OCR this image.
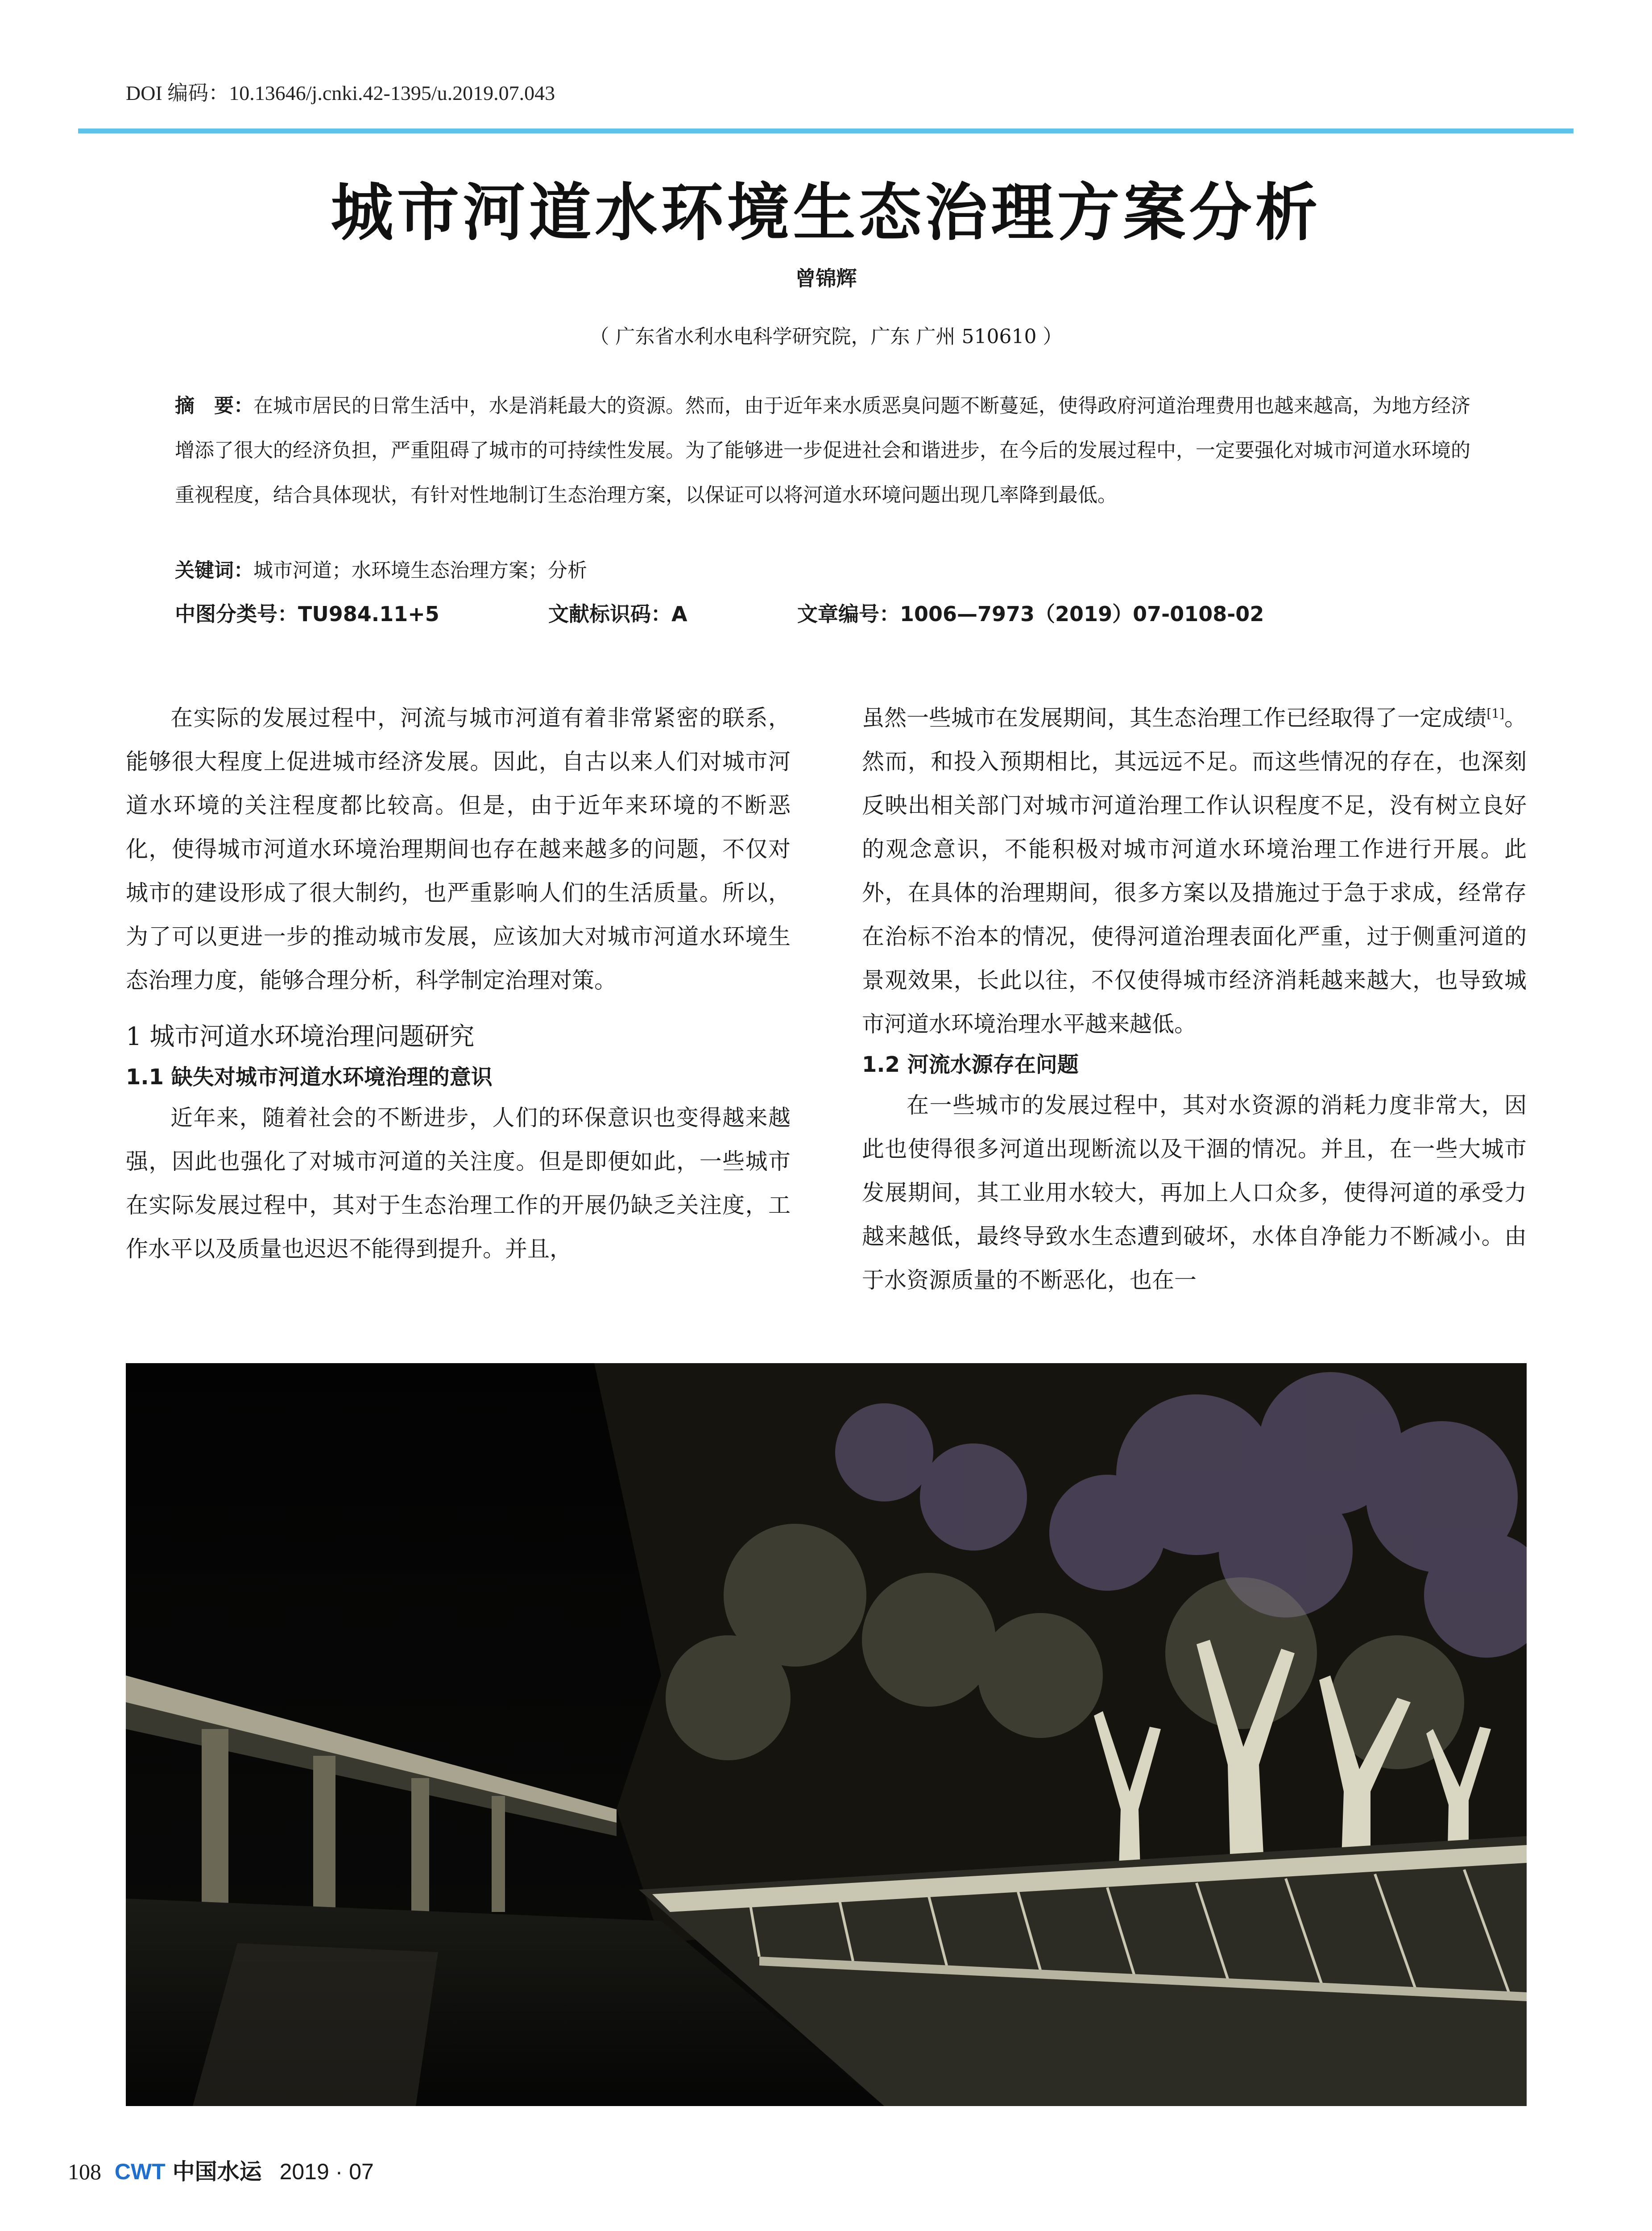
DOI 编码：10.13646/j.cnki.42-1395/u.2019.07.043
城市河道水环境生态治理方案分析
曾锦辉
（ 广东省水利水电科学研究院，广东 广州 510610 ）
摘　要：在城市居民的日常生活中，水是消耗最大的资源。然而，由于近年来水质恶臭问题不断蔓延，使得政府河道治理费用也越来越高，为地方经济增添了很大的经济负担，严重阻碍了城市的可持续性发展。为了能够进一步促进社会和谐进步，在今后的发展过程中，一定要强化对城市河道水环境的重视程度，结合具体现状，有针对性地制订生态治理方案，以保证可以将河道水环境问题出现几率降到最低。
关键词：城市河道；水环境生态治理方案；分析
中图分类号：TU984.11+5	文献标识码：A	文章编号：1006—7973（2019）07-0108-02

在实际的发展过程中，河流与城市河道有着非常紧密的联系，能够很大程度上促进城市经济发展。因此，自古以来人们对城市河道水环境的关注程度都比较高。但是，由于近年来环境的不断恶化，使得城市河道水环境治理期间也存在越来越多的问题，不仅对城市的建设形成了很大制约，也严重影响人们的生活质量。所以，为了可以更进一步的推动城市发展，应该加大对城市河道水环境生态治理力度，能够合理分析，科学制定治理对策。

1 城市河道水环境治理问题研究
1.1 缺失对城市河道水环境治理的意识

近年来，随着社会的不断进步，人们的环保意识也变得越来越强，因此也强化了对城市河道的关注度。但是即便如此，一些城市在实际发展过程中，其对于生态治理工作的开展仍缺乏关注度，工作水平以及质量也迟迟不能得到提升。并且，

虽然一些城市在发展期间，其生态治理工作已经取得了一定成绩[1]。然而，和投入预期相比，其远远不足。而这些情况的存在，也深刻反映出相关部门对城市河道治理工作认识程度不足，没有树立良好的观念意识，不能积极对城市河道水环境治理工作进行开展。此外，在具体的治理期间，很多方案以及措施过于急于求成，经常存在治标不治本的情况，使得河道治理表面化严重，过于侧重河道的景观效果，长此以往，不仅使得城市经济消耗越来越大，也导致城市河道水环境治理水平越来越低。

1.2 河流水源存在问题

在一些城市的发展过程中，其对水资源的消耗力度非常大，因此也使得很多河道出现断流以及干涸的情况。并且，在一些大城市发展期间，其工业用水较大，再加上人口众多，使得河道的承受力越来越低，最终导致水生态遭到破坏，水体自净能力不断减小。由于水资源质量的不断恶化，也在一

108 CWT 中国水运 2019 · 07
